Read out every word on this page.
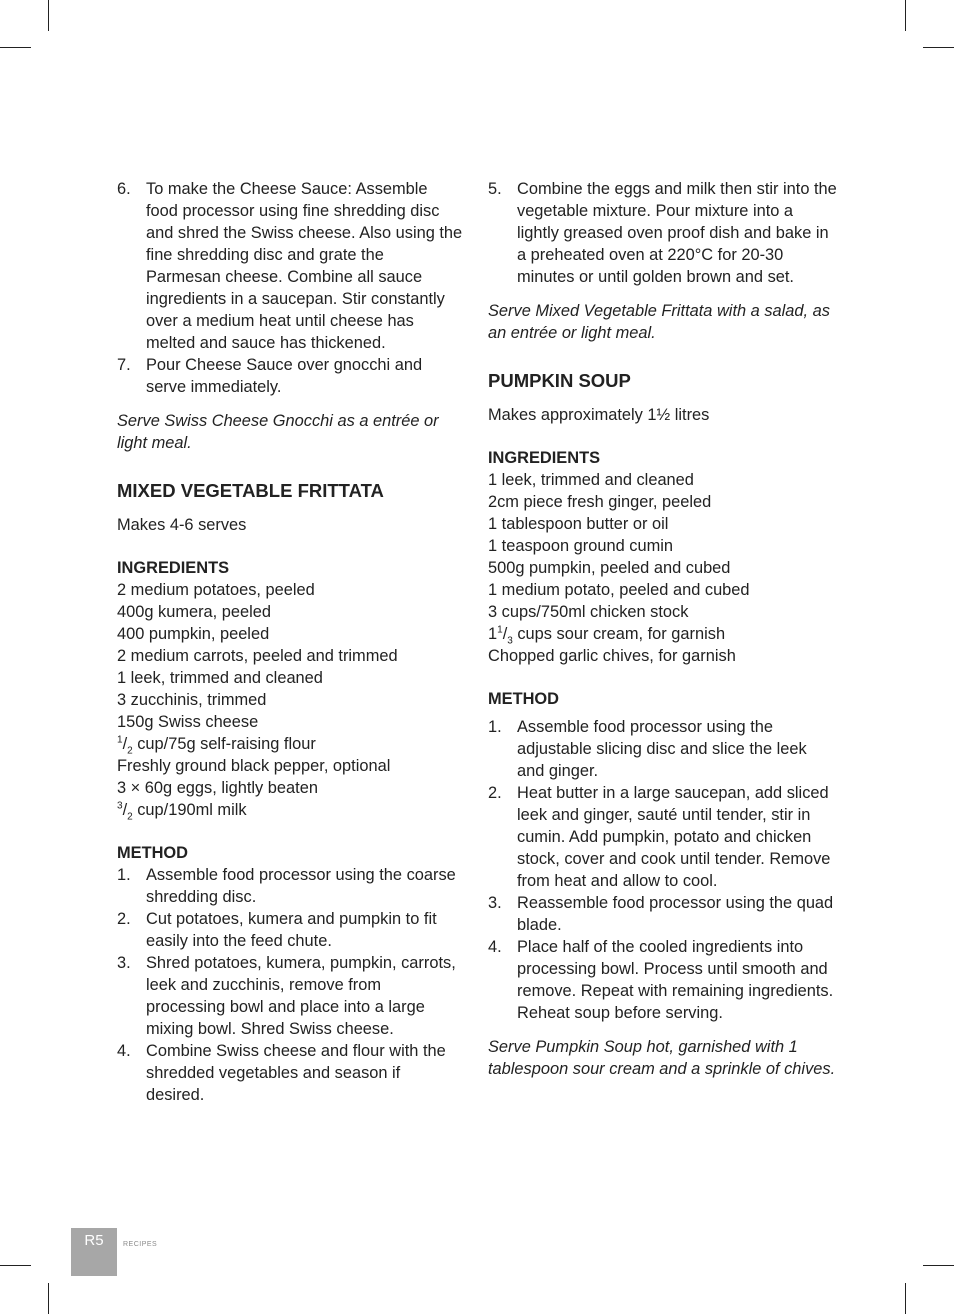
6. To make the Cheese Sauce: Assemble food processor using fine shredding disc and shred the Swiss cheese. Also using the fine shredding disc and grate the Parmesan cheese. Combine all sauce ingredients in a saucepan. Stir constantly over a medium heat until cheese has melted and sauce has thickened.
7. Pour Cheese Sauce over gnocchi and serve immediately.

Serve Swiss Cheese Gnocchi as a entrée or light meal.

MIXED VEGETABLE FRITTATA

Makes 4-6 serves

INGREDIENTS
2 medium potatoes, peeled
400g kumera, peeled
400 pumpkin, peeled
2 medium carrots, peeled and trimmed
1 leek, trimmed and cleaned
3 zucchinis, trimmed
150g Swiss cheese
$^1/_2$ cup/75g self-raising flour
Freshly ground black pepper, optional
3 × 60g eggs, lightly beaten
$^3/_2$ cup/190ml milk
METHOD
1. Assemble food processor using the coarse shredding disc.
2. Cut potatoes, kumera and pumpkin to fit easily into the feed chute.
3. Shred potatoes, kumera, pumpkin, carrots, leek and zucchinis, remove from processing bowl and place into a large mixing bowl. Shred Swiss cheese.
4. Combine Swiss cheese and flour with the shredded vegetables and season if desired.
5. Combine the eggs and milk then stir into the vegetable mixture. Pour mixture into a lightly greased oven proof dish and bake in a preheated oven at 220°C for 20-30 minutes or until golden brown and set.

Serve Mixed Vegetable Frittata with a salad, as an entrée or light meal.

PUMPKIN SOUP

Makes approximately 1½ litres

INGREDIENTS
1 leek, trimmed and cleaned
2cm piece fresh ginger, peeled
1 tablespoon butter or oil
1 teaspoon ground cumin
500g pumpkin, peeled and cubed
1 medium potato, peeled and cubed
3 cups/750ml chicken stock
$1^1/_3$ cups sour cream, for garnish
Chopped garlic chives, for garnish
METHOD
1. Assemble food processor using the adjustable slicing disc and slice the leek and ginger.
2. Heat butter in a large saucepan, add sliced leek and ginger, sauté until tender, stir in cumin. Add pumpkin, potato and chicken stock, cover and cook until tender. Remove from heat and allow to cool.
3. Reassemble food processor using the quad blade.
4. Place half of the cooled ingredients into processing bowl. Process until smooth and remove. Repeat with remaining ingredients. Reheat soup before serving.

Serve Pumpkin Soup hot, garnished with 1 tablespoon sour cream and a sprinkle of chives.

R5	RECIPES
